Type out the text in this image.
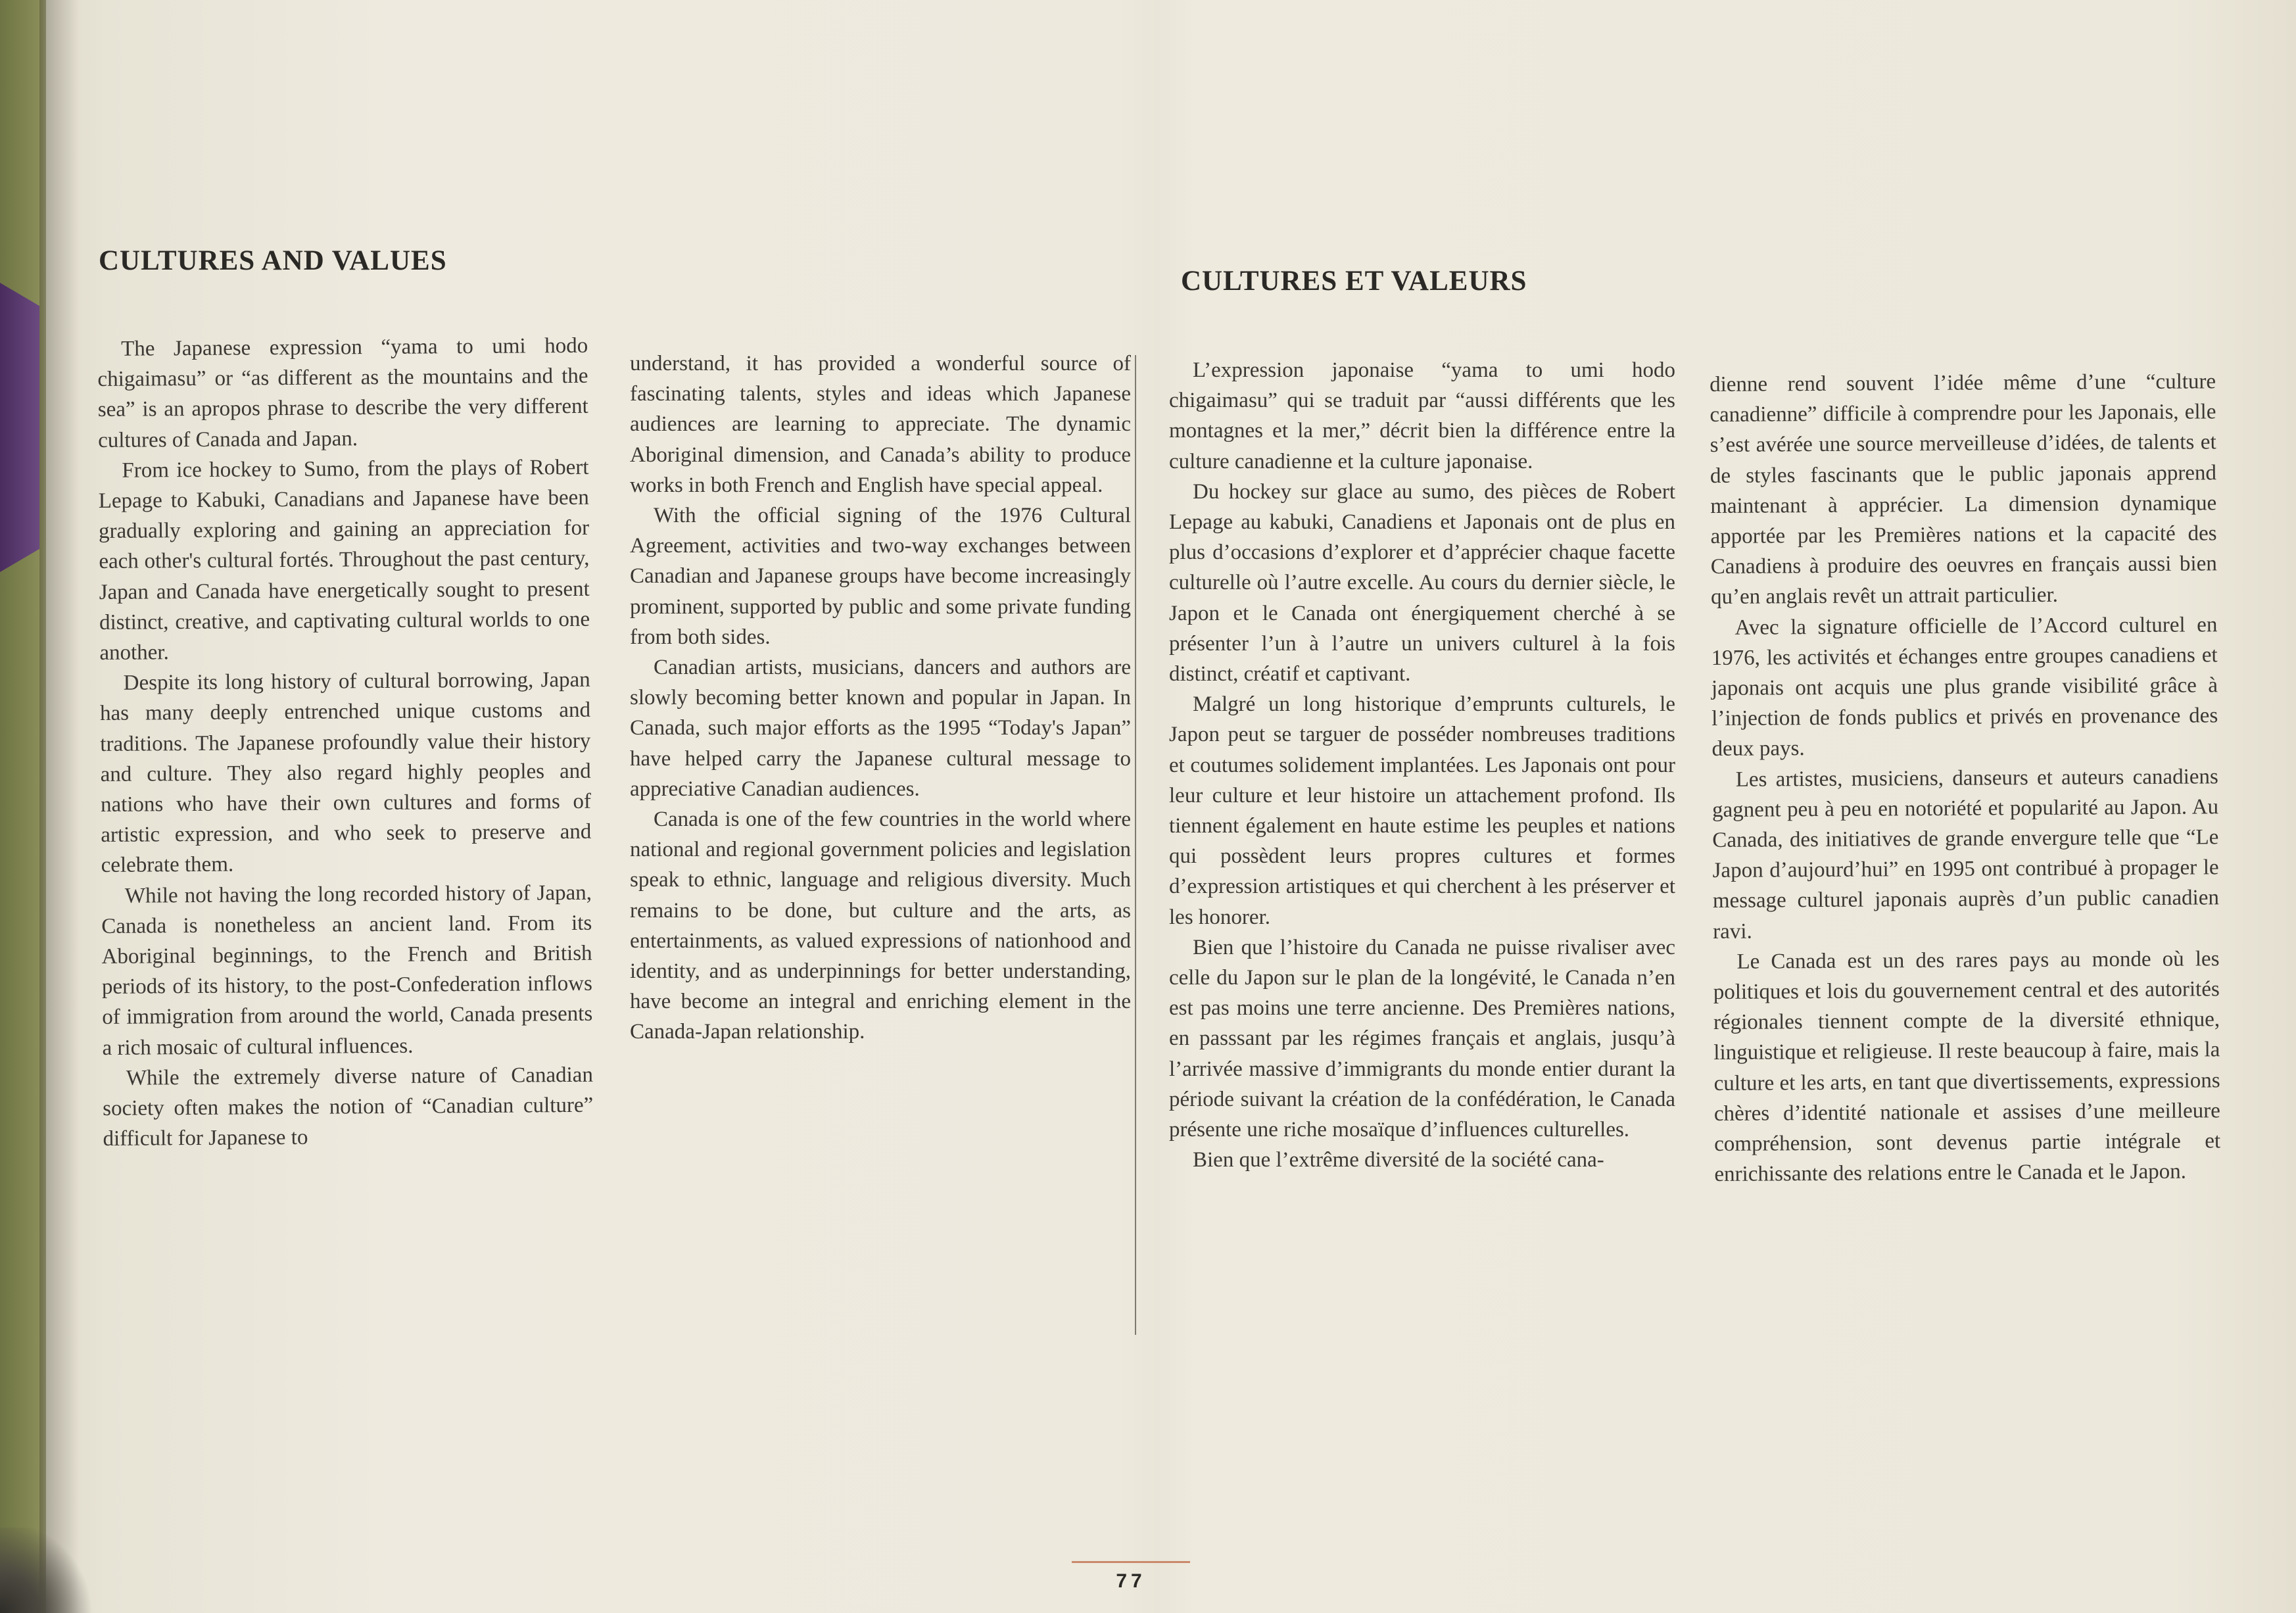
CULTURES AND VALUES

The Japanese expression “yama to umi hodo chigaimasu” or “as different as the mountains and the sea” is an apropos phrase to describe the very different cultures of Canada and Japan.

From ice hockey to Sumo, from the plays of Robert Lepage to Kabuki, Canadians and Japanese have been gradually exploring and gaining an appreciation for each other's cultural fortés. Throughout the past century, Japan and Canada have energetically sought to present distinct, creative, and captivating cultural worlds to one another.

Despite its long history of cultural borrowing, Japan has many deeply entrenched unique customs and traditions. The Japanese profoundly value their history and culture. They also regard highly peoples and nations who have their own cultures and forms of artistic expression, and who seek to preserve and celebrate them.

While not having the long recorded history of Japan, Canada is nonetheless an ancient land. From its Aboriginal beginnings, to the French and British periods of its history, to the post-Confederation inflows of immigration from around the world, Canada presents a rich mosaic of cultural influences.

While the extremely diverse nature of Canadian society often makes the notion of “Canadian culture” difficult for Japanese to

understand, it has provided a wonderful source of fascinating talents, styles and ideas which Japanese audiences are learning to appreciate. The dynamic Aboriginal dimension, and Canada’s ability to produce works in both French and English have special appeal.

With the official signing of the 1976 Cultural Agreement, activities and two-way exchanges between Canadian and Japanese groups have become increasingly prominent, supported by public and some private funding from both sides.

Canadian artists, musicians, dancers and authors are slowly becoming better known and popular in Japan. In Canada, such major efforts as the 1995 “Today's Japan” have helped carry the Japanese cultural message to appreciative Canadian audiences.

Canada is one of the few countries in the world where national and regional government policies and legislation speak to ethnic, language and religious diversity. Much remains to be done, but culture and the arts, as entertainments, as valued expressions of nationhood and identity, and as underpinnings for better understanding, have become an integral and enriching element in the Canada-Japan relationship.

CULTURES ET VALEURS

L’expression japonaise “yama to umi hodo chigaimasu” qui se traduit par “aussi différents que les montagnes et la mer,” décrit bien la différence entre la culture canadienne et la culture japonaise.

Du hockey sur glace au sumo, des pièces de Robert Lepage au kabuki, Canadiens et Japonais ont de plus en plus d’occasions d’explorer et d’apprécier chaque facette culturelle où l’autre excelle. Au cours du dernier siècle, le Japon et le Canada ont énergiquement cherché à se présenter l’un à l’autre un univers culturel à la fois distinct, créatif et captivant.

Malgré un long historique d’emprunts culturels, le Japon peut se targuer de posséder nombreuses traditions et coutumes solidement implantées. Les Japonais ont pour leur culture et leur histoire un attachement profond. Ils tiennent également en haute estime les peuples et nations qui possèdent leurs propres cultures et formes d’expression artistiques et qui cherchent à les préserver et les honorer.

Bien que l’histoire du Canada ne puisse rivaliser avec celle du Japon sur le plan de la longévité, le Canada n’en est pas moins une terre ancienne. Des Premières nations, en passsant par les régimes français et anglais, jusqu’à l’arrivée massive d’immigrants du monde entier durant la période suivant la création de la confédération, le Canada présente une riche mosaïque d’influences culturelles.

Bien que l’extrême diversité de la société cana-

dienne rend souvent l’idée même d’une “culture canadienne” difficile à comprendre pour les Japonais, elle s’est avérée une source merveilleuse d’idées, de talents et de styles fascinants que le public japonais apprend maintenant à apprécier. La dimension dynamique apportée par les Premières nations et la capacité des Canadiens à produire des oeuvres en français aussi bien qu’en anglais revêt un attrait particulier.

Avec la signature officielle de l’Accord culturel en 1976, les activités et échanges entre groupes canadiens et japonais ont acquis une plus grande visibilité grâce à l’injection de fonds publics et privés en provenance des deux pays.

Les artistes, musiciens, danseurs et auteurs canadiens gagnent peu à peu en notoriété et popularité au Japon. Au Canada, des initiatives de grande envergure telle que “Le Japon d’aujourd’hui” en 1995 ont contribué à propager le message culturel japonais auprès d’un public canadien ravi.

Le Canada est un des rares pays au monde où les politiques et lois du gouvernement central et des autorités régionales tiennent compte de la diversité ethnique, linguistique et religieuse. Il reste beaucoup à faire, mais la culture et les arts, en tant que divertissements, expressions chères d’identité nationale et assises d’une meilleure compréhension, sont devenus partie intégrale et enrichissante des relations entre le Canada et le Japon.

77
